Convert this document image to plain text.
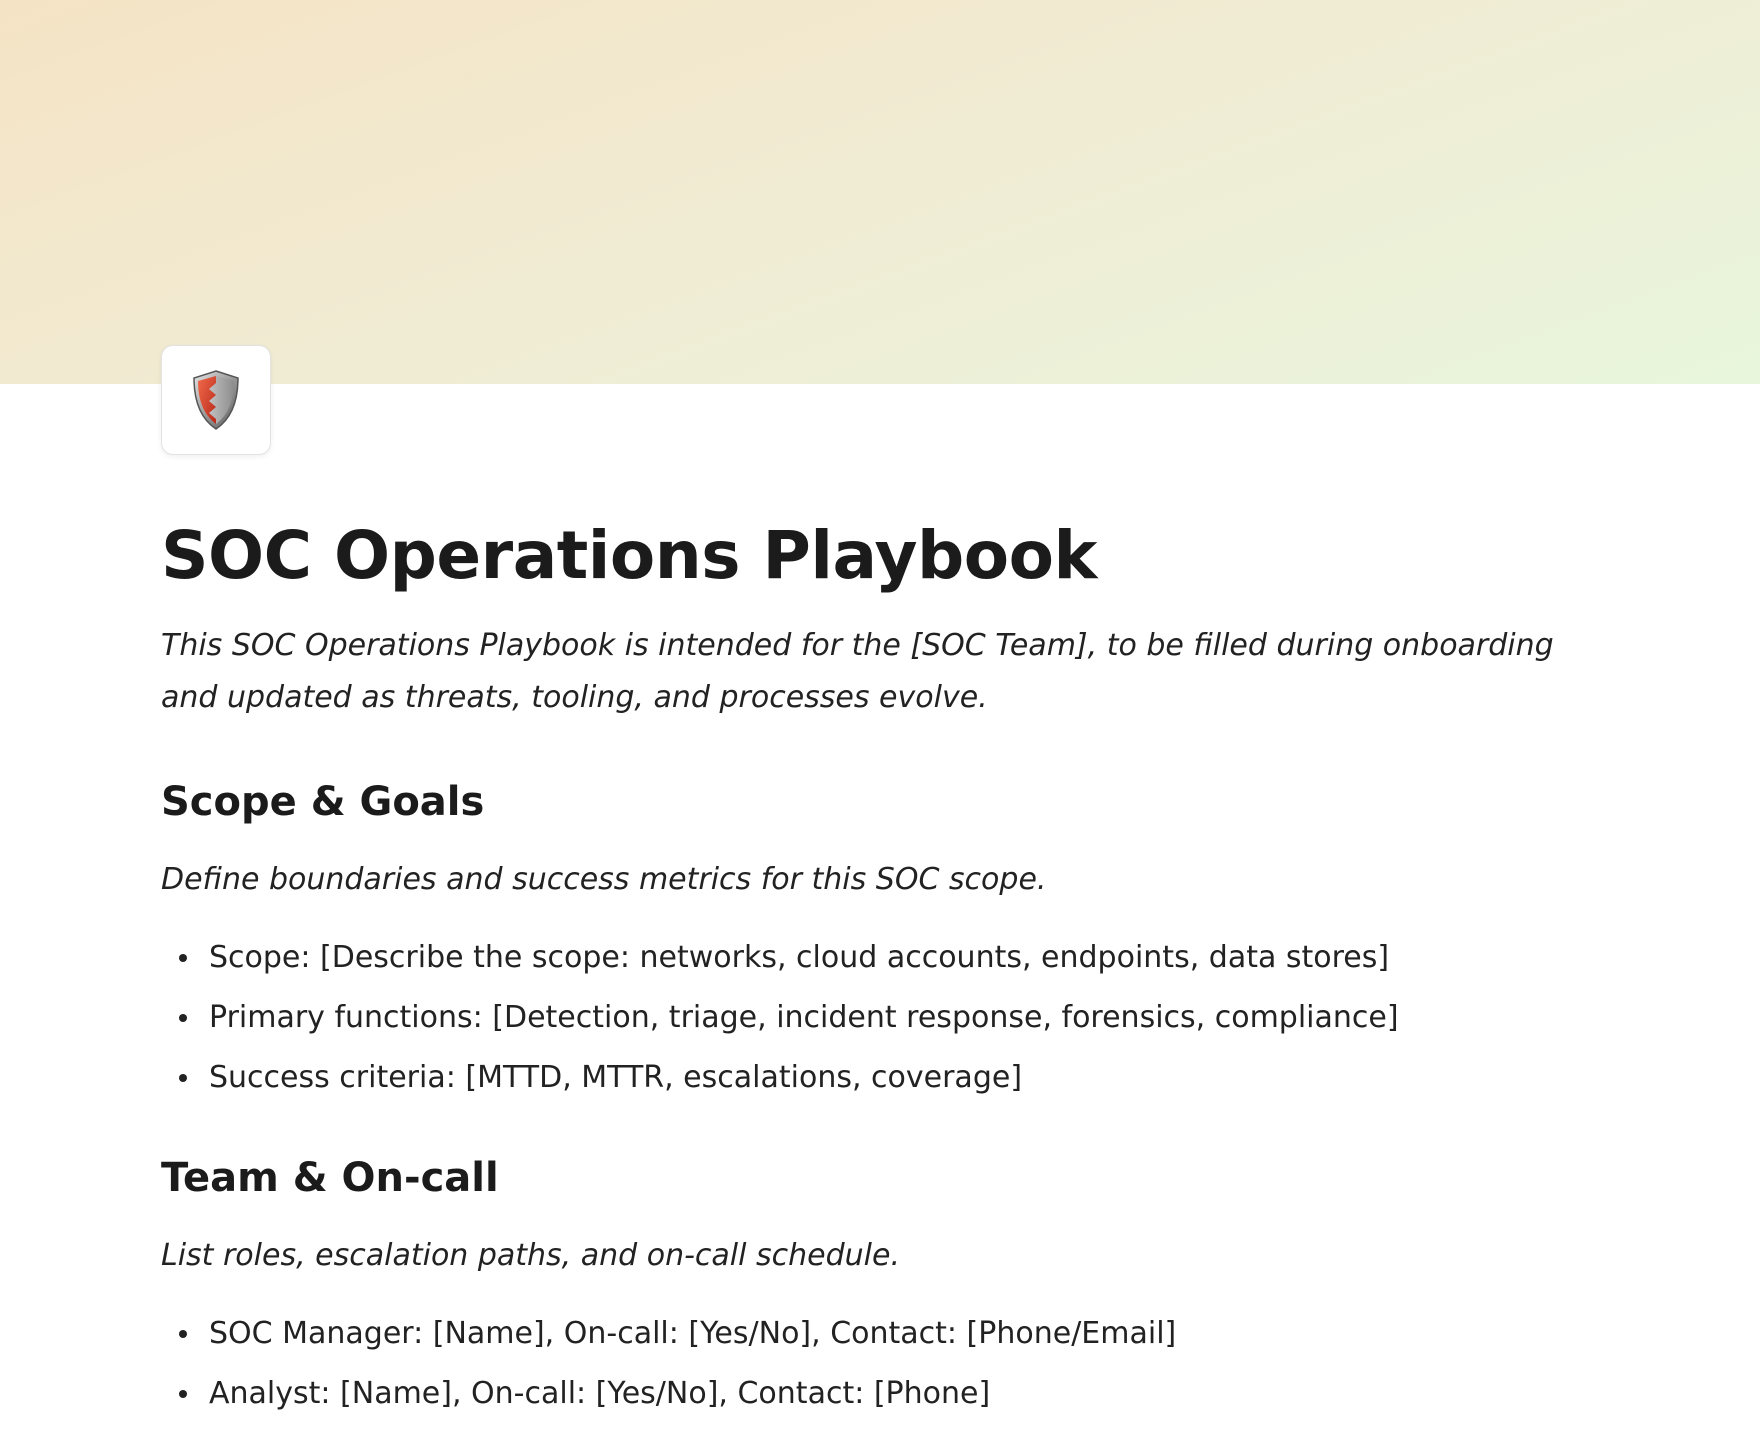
SOC Operations Playbook

This SOC Operations Playbook is intended for the [SOC Team], to be filled during onboarding and updated as threats, tooling, and processes evolve.

Scope & Goals

Define boundaries and success metrics for this SOC scope.

Scope: [Describe the scope: networks, cloud accounts, endpoints, data stores]
Primary functions: [Detection, triage, incident response, forensics, compliance]
Success criteria: [MTTD, MTTR, escalations, coverage]
Team & On-call

List roles, escalation paths, and on-call schedule.

SOC Manager: [Name], On-call: [Yes/No], Contact: [Phone/Email]
Analyst: [Name], On-call: [Yes/No], Contact: [Phone]
